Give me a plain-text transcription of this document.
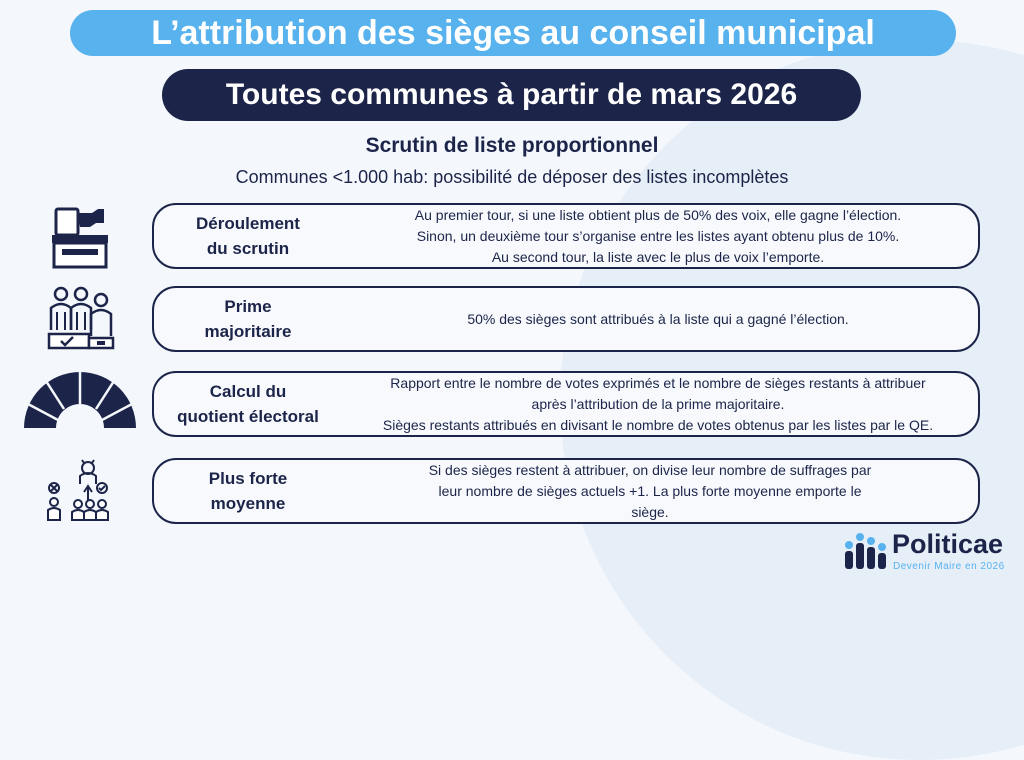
L’attribution des sièges au conseil municipal
Toutes communes à partir de mars 2026
Scrutin de liste proportionnel
Communes <1.000 hab: possibilité de déposer des listes incomplètes
Déroulement
du scrutin
Au premier tour, si une liste obtient plus de 50% des voix, elle gagne l’élection.
Sinon, un deuxième tour s’organise entre les listes ayant obtenu plus de 10%.
Au second tour, la liste avec le plus de voix l’emporte.
Prime
majoritaire
50% des sièges sont attribués à la liste qui a gagné l’élection.
Calcul du
quotient électoral
Rapport entre le nombre de votes exprimés et le nombre de sièges restants à attribuer
après l’attribution de la prime majoritaire.
Sièges restants attribués en divisant le nombre de votes obtenus par les listes par le QE.
Plus forte
moyenne
Si des sièges restent à attribuer, on divise leur nombre de suffrages par
leur nombre de sièges actuels +1. La plus forte moyenne emporte le
siège.
Politicae
Devenir Maire en 2026
